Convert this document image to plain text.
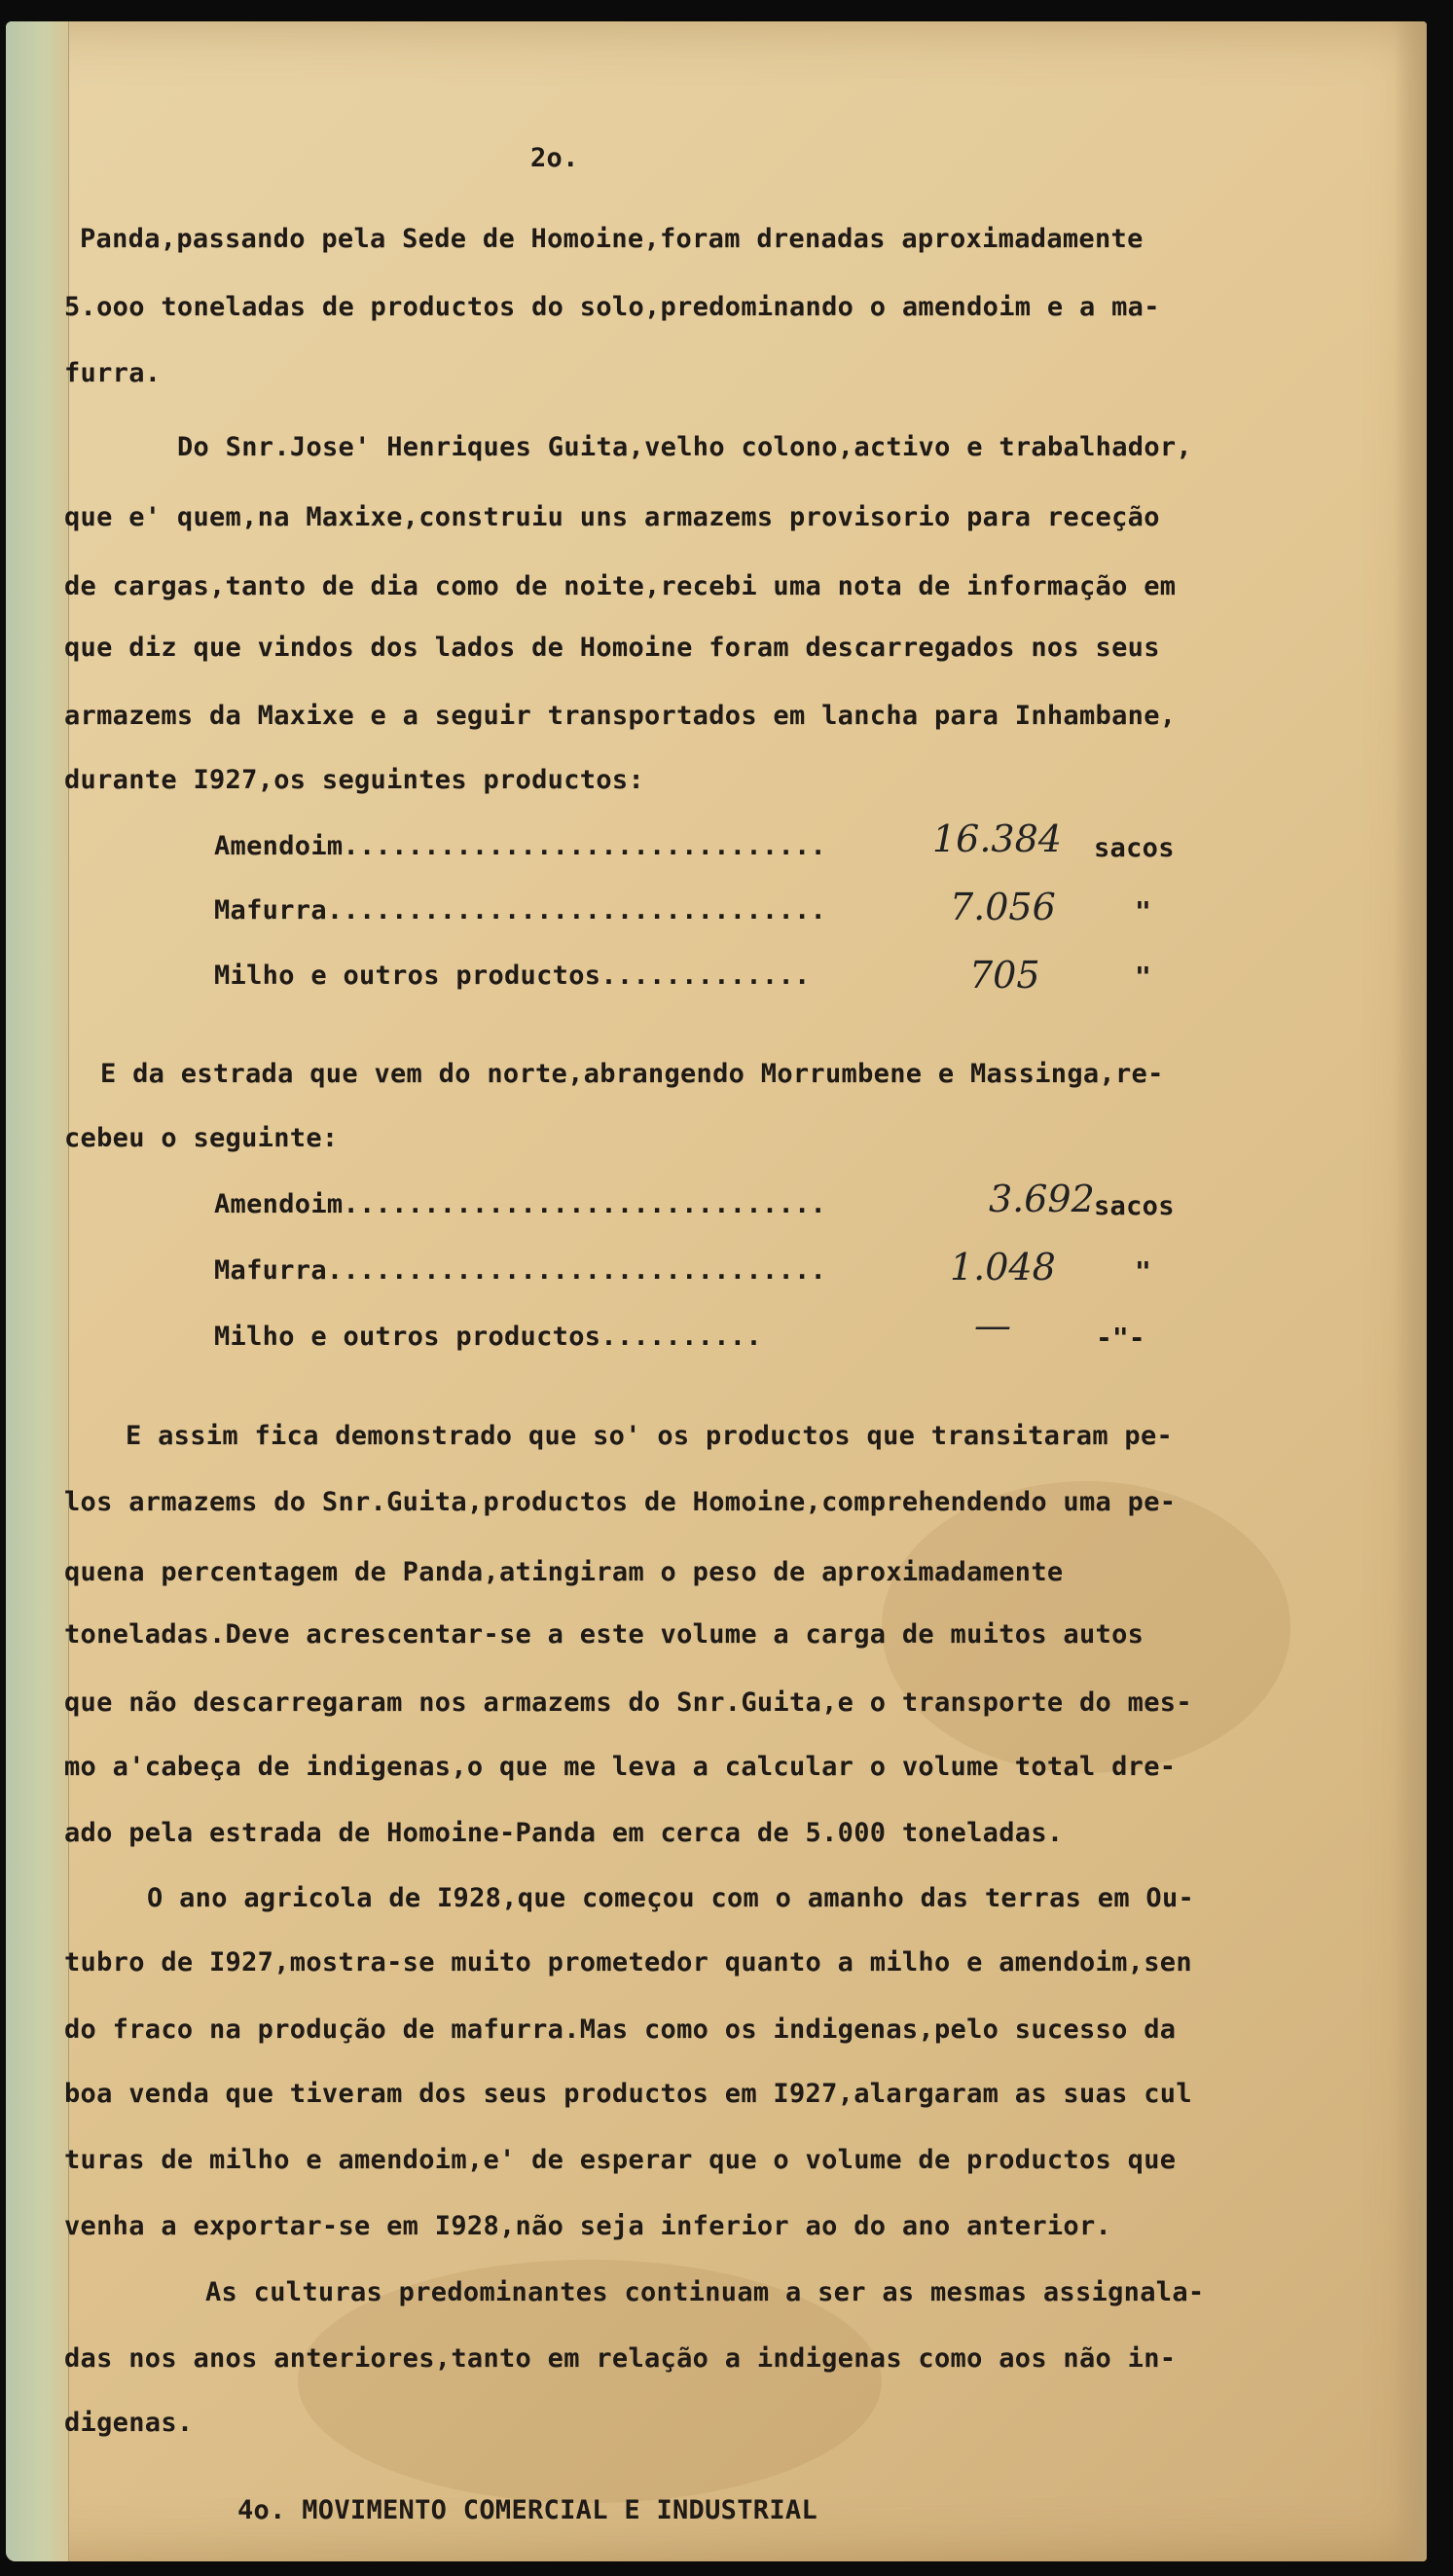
2o.
Panda,passando pela Sede de Homoine,foram drenadas aproximadamente
5.ooo toneladas de productos do solo,predominando o amendoim e a ma-
furra.
Do Snr.Jose' Henriques Guita,velho colono,activo e trabalhador,
que e' quem,na Maxixe,construiu uns armazems provisorio para receção
de cargas,tanto de dia como de noite,recebi uma nota de informação em
que diz que vindos dos lados de Homoine foram descarregados nos seus
armazems da Maxixe e a seguir transportados em lancha para Inhambane,
durante I927,os seguintes productos:
Amendoim..............................	16.384 sacos
Mafurra...............................	7.056	"
Milho e outros productos.............	705	"
E da estrada que vem do norte,abrangendo Morrumbene e Massinga,re-
cebeu o seguinte:
Amendoim..............................	3.692 sacos
Mafurra...............................	1.048	"
Milho e outros productos..........	—	-"-
E assim fica demonstrado que so' os productos que transitaram pe-
los armazems do Snr.Guita,productos de Homoine,comprehendendo uma pe-
quena percentagem de Panda,atingiram o peso de aproximadamente
toneladas.Deve acrescentar-se a este volume a carga de muitos autos
que não descarregaram nos armazems do Snr.Guita,e o transporte do mes-
mo a'cabeça de indigenas,o que me leva a calcular o volume total dre-
ado pela estrada de Homoine-Panda em cerca de 5.000 toneladas.
O ano agricola de I928,que começou com o amanho das terras em Ou-
tubro de I927,mostra-se muito prometedor quanto a milho e amendoim,sen
do fraco na produção de mafurra.Mas como os indigenas,pelo sucesso da
boa venda que tiveram dos seus productos em I927,alargaram as suas cul
turas de milho e amendoim,e' de esperar que o volume de productos que
venha a exportar-se em I928,não seja inferior ao do ano anterior.
As culturas predominantes continuam a ser as mesmas assignala-
das nos anos anteriores,tanto em relação a indigenas como aos não in-
digenas.
4o. MOVIMENTO COMERCIAL E INDUSTRIAL
